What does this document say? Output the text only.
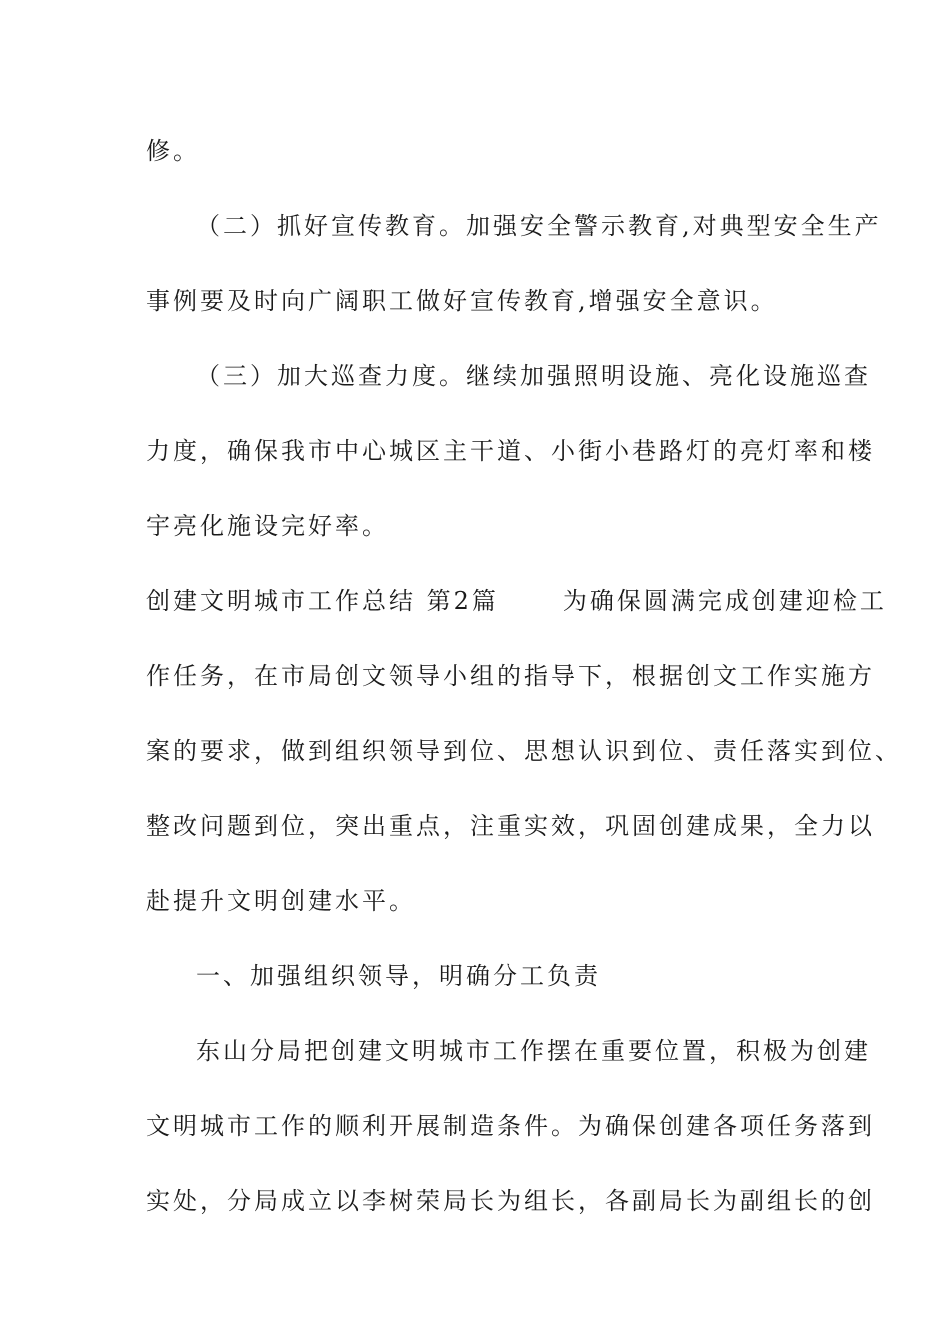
修。
（二）抓好宣传教育。加强安全警示教育,对典型安全生产
事例要及时向广阔职工做好宣传教育,增强安全意识。
（三）加大巡查力度。继续加强照明设施、亮化设施巡查
力度，确保我市中心城区主干道、小街小巷路灯的亮灯率和楼
宇亮化施设完好率。
创建文明城市工作总结 第2篇	为确保圆满完成创建迎检工
作任务，在市局创文领导小组的指导下，根据创文工作实施方
案的要求，做到组织领导到位、思想认识到位、责任落实到位、
整改问题到位，突出重点，注重实效，巩固创建成果，全力以
赴提升文明创建水平。
一、加强组织领导，明确分工负责
东山分局把创建文明城市工作摆在重要位置，积极为创建
文明城市工作的顺利开展制造条件。为确保创建各项任务落到
实处，分局成立以李树荣局长为组长，各副局长为副组长的创
